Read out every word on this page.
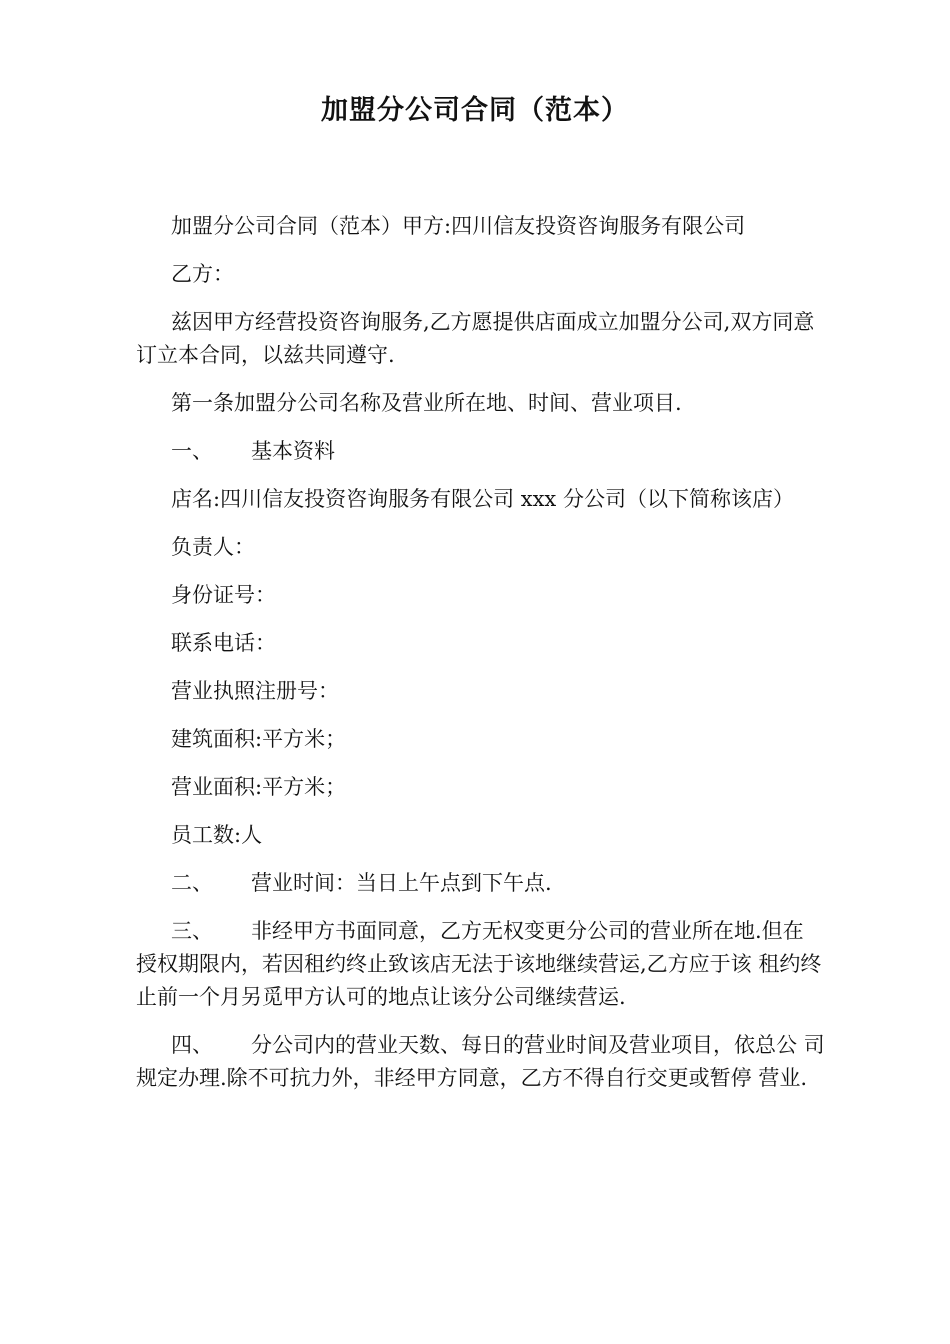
加盟分公司合同（范本）

加盟分公司合同（范本）甲方:四川信友投资咨询服务有限公司

乙方：

兹因甲方经营投资咨询服务,乙方愿提供店面成立加盟分公司,双方同意订立本合同，以兹共同遵守.

第一条加盟分公司名称及营业所在地、时间、营业项目.

一、 基本资料

店名:四川信友投资咨询服务有限公司 xxx 分公司（以下简称该店）

负责人：

身份证号：

联系电话：

营业执照注册号：

建筑面积:平方米；

营业面积:平方米；

员工数:人

二、 营业时间：当日上午点到下午点.

三、 非经甲方书面同意，乙方无权变更分公司的营业所在地.但在 授权期限内，若因租约终止致该店无法于该地继续营运,乙方应于该 租约终止前一个月另觅甲方认可的地点让该分公司继续营运.

四、 分公司内的营业天数、每日的营业时间及营业项目，依总公 司规定办理.除不可抗力外，非经甲方同意，乙方不得自行交更或暂停 营业.
